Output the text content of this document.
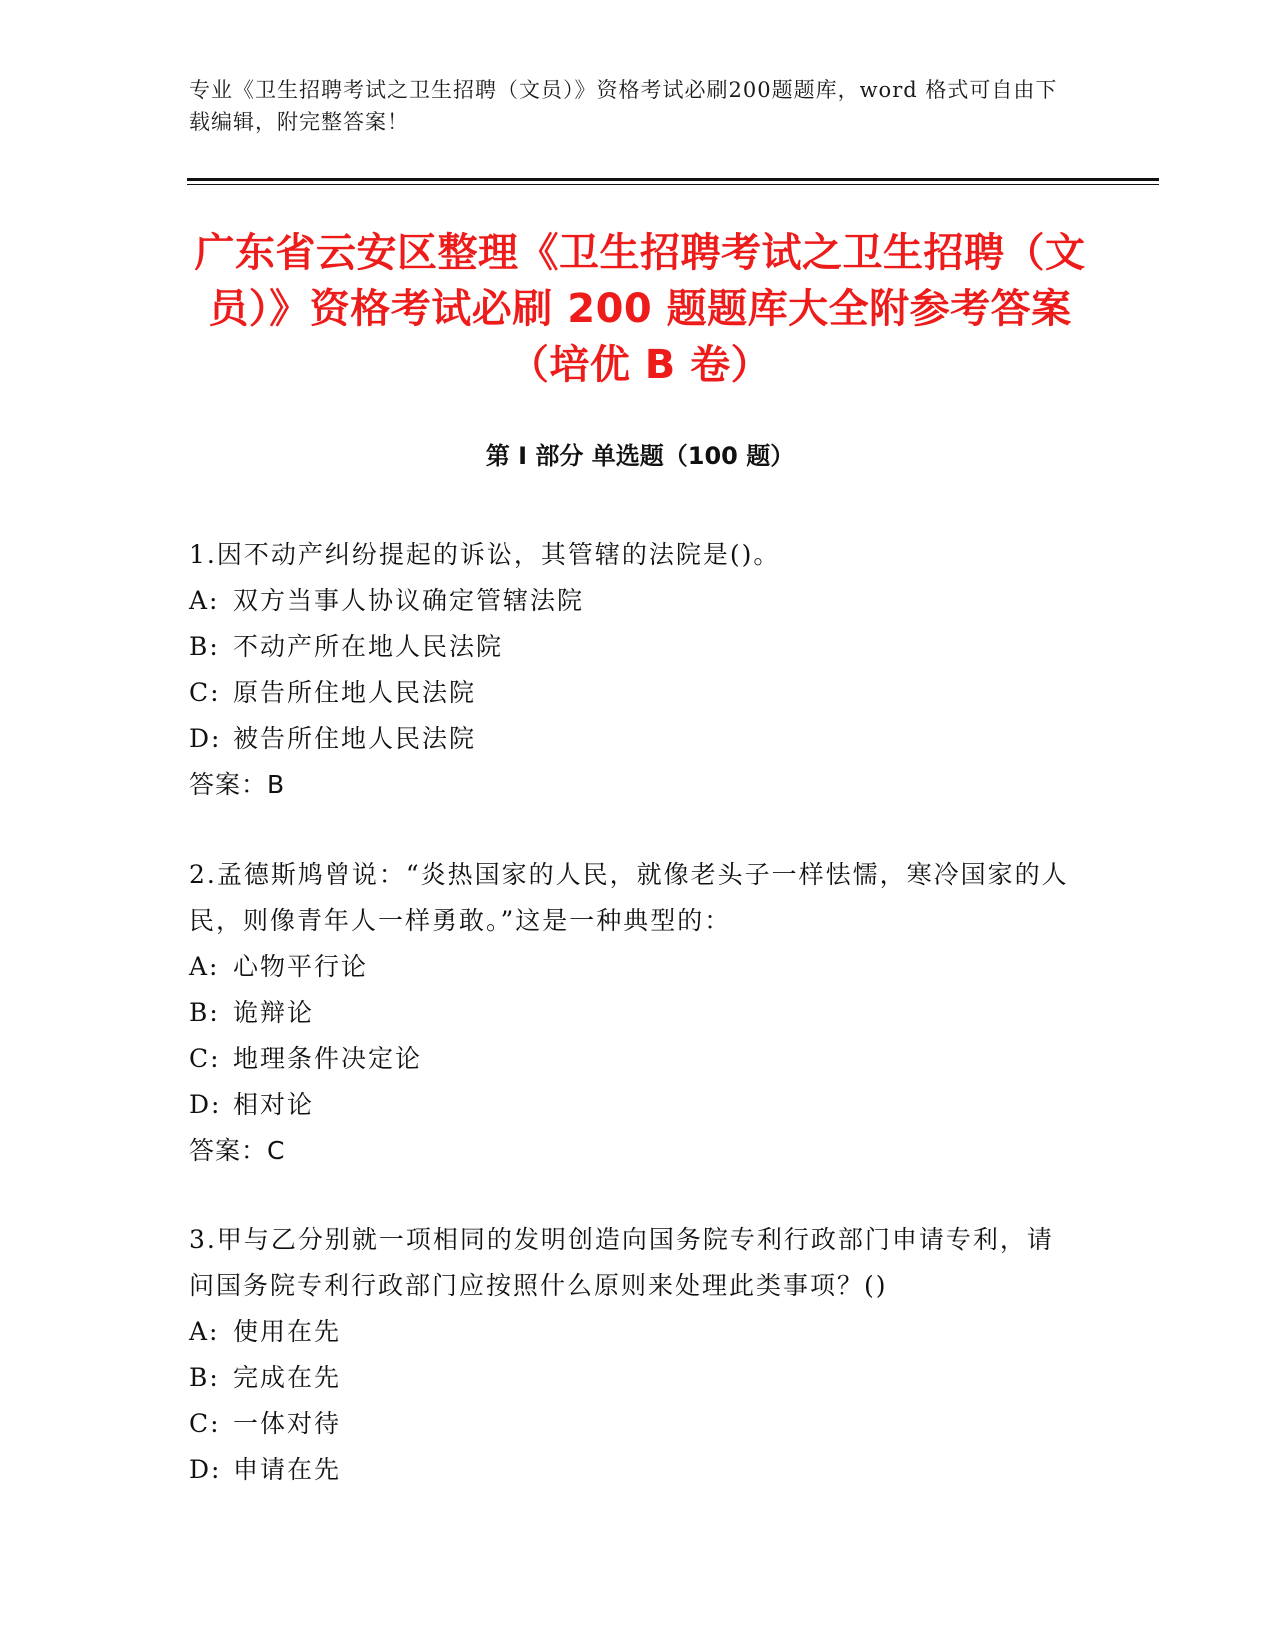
专业《卫生招聘考试之卫生招聘（文员）》资格考试必刷200题题库，word 格式可自由下载编辑，附完整答案！
广东省云安区整理《卫生招聘考试之卫生招聘（文员）》资格考试必刷 200 题题库大全附参考答案（培优 B 卷）
第 I 部分 单选题（100 题）

1.因不动产纠纷提起的诉讼，其管辖的法院是()。

A: 双方当事人协议确定管辖法院

B: 不动产所在地人民法院

C: 原告所住地人民法院

D: 被告所住地人民法院

答案：B

2.孟德斯鸠曾说：“炎热国家的人民，就像老头子一样怯懦，寒冷国家的人民，则像青年人一样勇敢。”这是一种典型的：

A: 心物平行论

B: 诡辩论

C: 地理条件决定论

D: 相对论

答案：C

3.甲与乙分别就一项相同的发明创造向国务院专利行政部门申请专利，请问国务院专利行政部门应按照什么原则来处理此类事项？()

A: 使用在先

B: 完成在先

C: 一体对待

D: 申请在先
